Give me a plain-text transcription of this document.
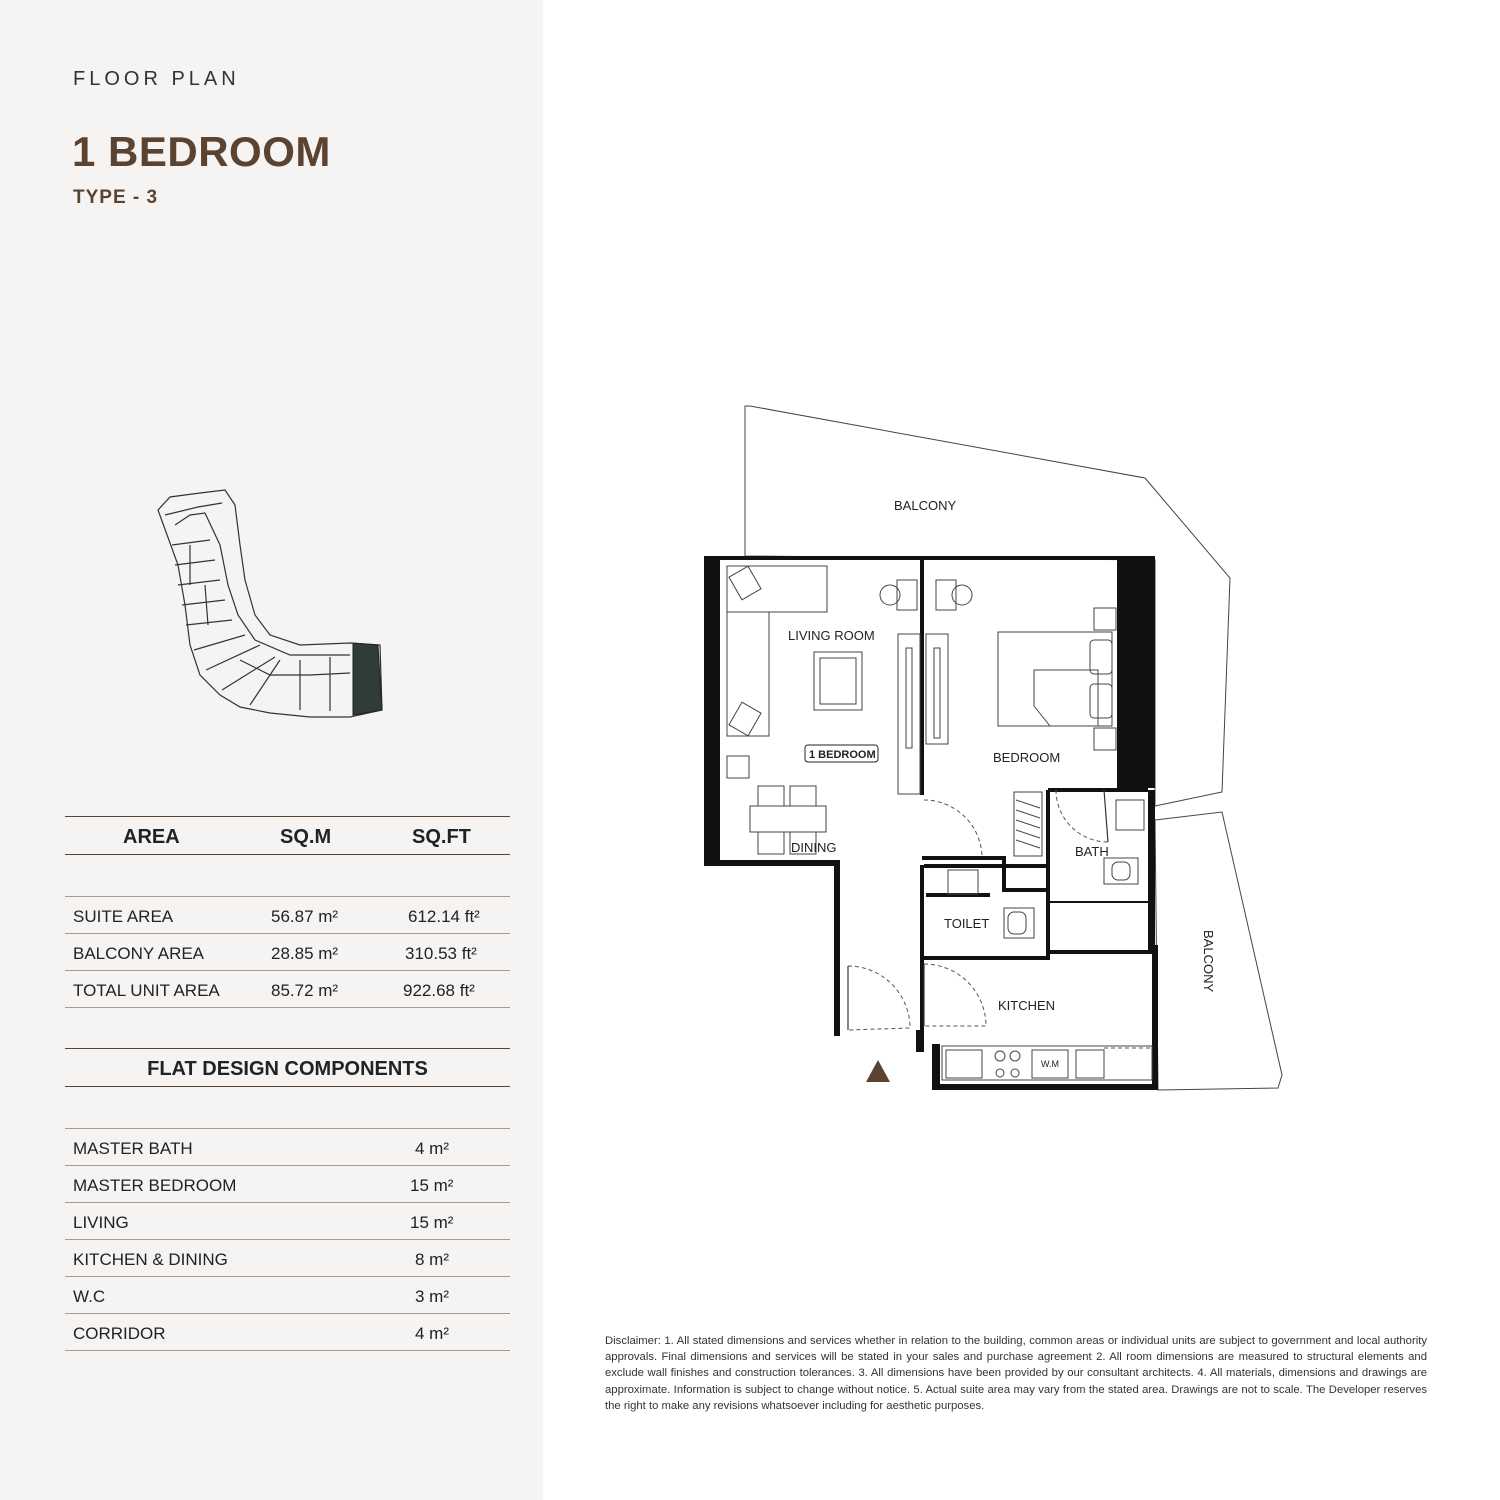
FLOOR PLAN
1 BEDROOM
TYPE - 3
AREA	SQ.M	SQ.FT
SUITE AREA	56.87 m²	612.14 ft²
BALCONY AREA	28.85 m²	310.53 ft²
TOTAL UNIT AREA	85.72 m²	922.68 ft²
FLAT DESIGN COMPONENTS
MASTER BATH	4 m²
MASTER BEDROOM	15 m²
LIVING	15 m²
KITCHEN & DINING	8 m²
W.C	3 m²
CORRIDOR	4 m²
BALCONY
BALCONY
LIVING ROOM
1 BEDROOM	BEDROOM
DINING	BATH
TOILET
KITCHEN
W.M
Disclaimer: 1. All stated dimensions and services whether in relation to the building, common areas or individual units are subject to government and local authority approvals. Final dimensions and services will be stated in your sales and purchase agreement 2. All room dimensions are measured to structural elements and exclude wall finishes and construction tolerances. 3. All dimensions have been provided by our consultant architects. 4. All materials, dimensions and drawings are approximate. Information is subject to change without notice. 5. Actual suite area may vary from the stated area. Drawings are not to scale. The Developer reserves the right to make any revisions whatsoever including for aesthetic purposes.
